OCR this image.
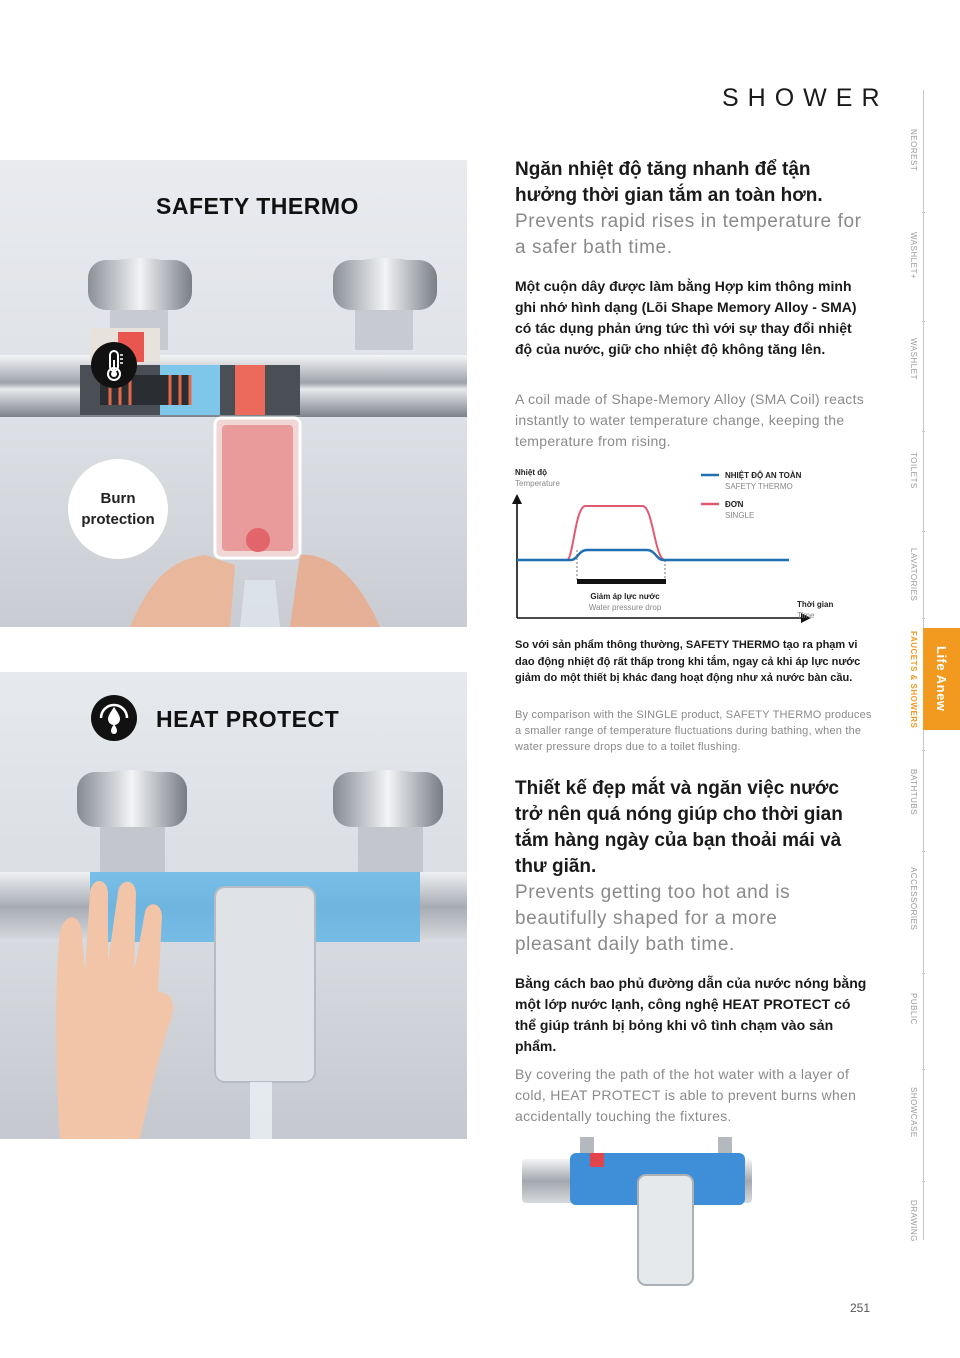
SHOWER
NEOREST
WASHLET+
WASHLET
TOILETS
LAVATORIES
FAUCETS & SHOWERS
BATHTUBS
ACCESSORIES
PUBLIC
SHOWCASE
DRAWING
Life Anew
SAFETY THERMO
Burn
protection
HEAT PROTECT
Ngăn nhiệt độ tăng nhanh để tận hưởng thời gian tắm an toàn hơn.
Prevents rapid rises in temperature for a safer bath time.
Một cuộn dây được làm bằng Hợp kim thông minh ghi nhớ hình dạng (Lõi Shape Memory Alloy - SMA) có tác dụng phản ứng tức thì với sự thay đổi nhiệt độ của nước, giữ cho nhiệt độ không tăng lên.
A coil made of Shape-Memory Alloy (SMA Coil) reacts instantly to water temperature change, keeping the temperature from rising.
Nhiệt độ
Temperature
NHIỆT ĐỘ AN TOÀN
SAFETY THERMO
ĐƠN
SINGLE
Giảm áp lực nước
Water pressure drop	Thời gian
Time
So với sản phẩm thông thường, SAFETY THERMO tạo ra phạm vi dao động nhiệt độ rất thấp trong khi tắm, ngay cả khi áp lực nước giảm do một thiết bị khác đang hoạt động như xả nước bàn cầu.
By comparison with the SINGLE product, SAFETY THERMO produces a smaller range of temperature fluctuations during bathing, when the water pressure drops due to a toilet flushing.
Thiết kế đẹp mắt và ngăn việc nước trở nên quá nóng giúp cho thời gian tắm hàng ngày của bạn thoải mái và thư giãn.
Prevents getting too hot and is beautifully shaped for a more pleasant daily bath time.
Bằng cách bao phủ đường dẫn của nước nóng bằng một lớp nước lạnh, công nghệ HEAT PROTECT có thể giúp tránh bị bỏng khi vô tình chạm vào sản phẩm.
By covering the path of the hot water with a layer of cold, HEAT PROTECT is able to prevent burns when accidentally touching the fixtures.
251
